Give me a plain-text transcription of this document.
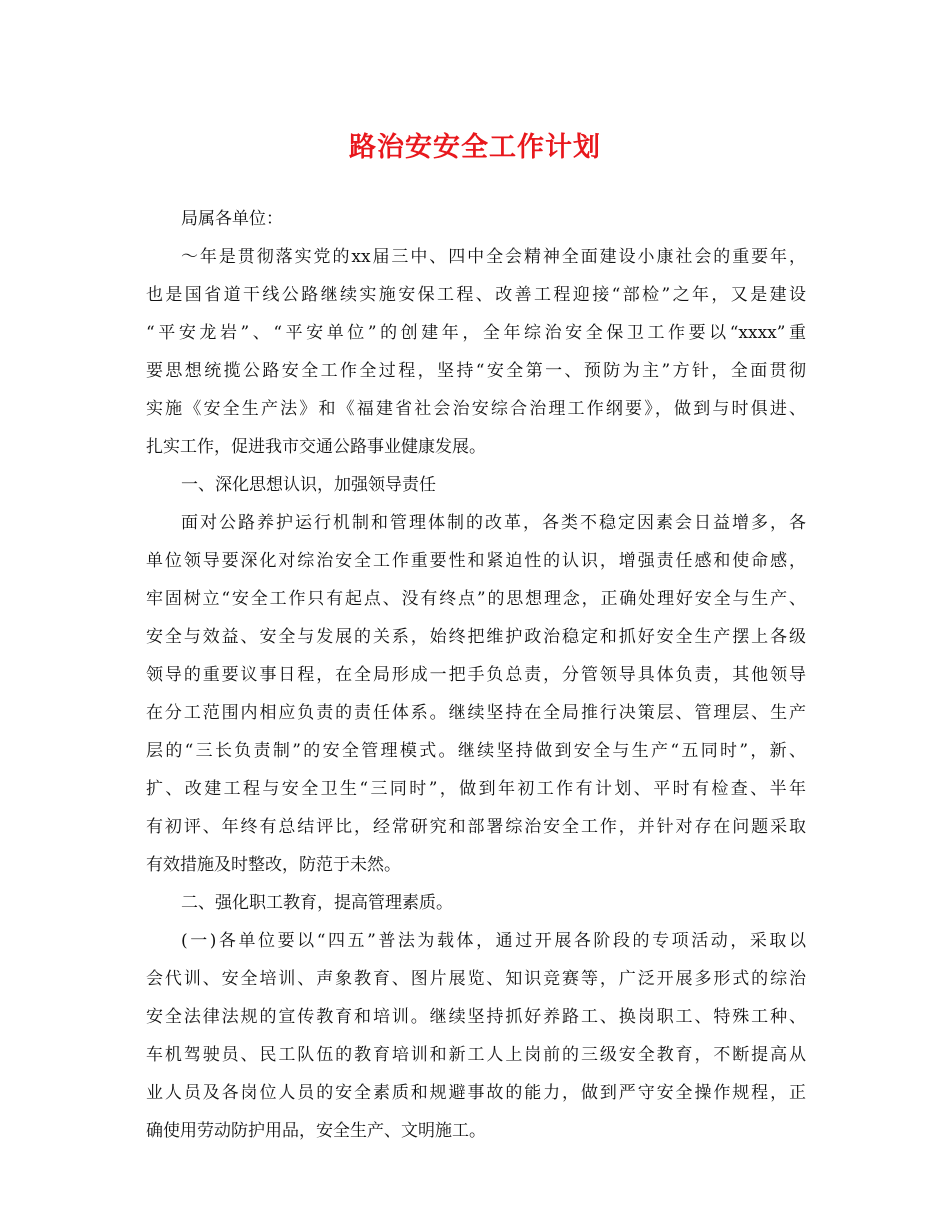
路治安安全工作计划
局属各单位：
～年是贯彻落实党的xx届三中、四中全会精神全面建设小康社会的重要年，
也是国省道干线公路继续实施安保工程、改善工程迎接“部检”之年，又是建设
“平安龙岩”、“平安单位”的创建年，全年综治安全保卫工作要以“xxxx”重
要思想统揽公路安全工作全过程，坚持“安全第一、预防为主”方针，全面贯彻
实施《安全生产法》和《福建省社会治安综合治理工作纲要》，做到与时俱进、
扎实工作，促进我市交通公路事业健康发展。
一、深化思想认识，加强领导责任
面对公路养护运行机制和管理体制的改革，各类不稳定因素会日益增多，各
单位领导要深化对综治安全工作重要性和紧迫性的认识，增强责任感和使命感，
牢固树立“安全工作只有起点、没有终点”的思想理念，正确处理好安全与生产、
安全与效益、安全与发展的关系，始终把维护政治稳定和抓好安全生产摆上各级
领导的重要议事日程，在全局形成一把手负总责，分管领导具体负责，其他领导
在分工范围内相应负责的责任体系。继续坚持在全局推行决策层、管理层、生产
层的“三长负责制”的安全管理模式。继续坚持做到安全与生产“五同时”，新、
扩、改建工程与安全卫生“三同时”，做到年初工作有计划、平时有检查、半年
有初评、年终有总结评比，经常研究和部署综治安全工作，并针对存在问题采取
有效措施及时整改，防范于未然。
二、强化职工教育，提高管理素质。
(一)各单位要以“四五”普法为载体，通过开展各阶段的专项活动，采取以
会代训、安全培训、声象教育、图片展览、知识竞赛等，广泛开展多形式的综治
安全法律法规的宣传教育和培训。继续坚持抓好养路工、换岗职工、特殊工种、
车机驾驶员、民工队伍的教育培训和新工人上岗前的三级安全教育，不断提高从
业人员及各岗位人员的安全素质和规避事故的能力，做到严守安全操作规程，正
确使用劳动防护用品，安全生产、文明施工。
